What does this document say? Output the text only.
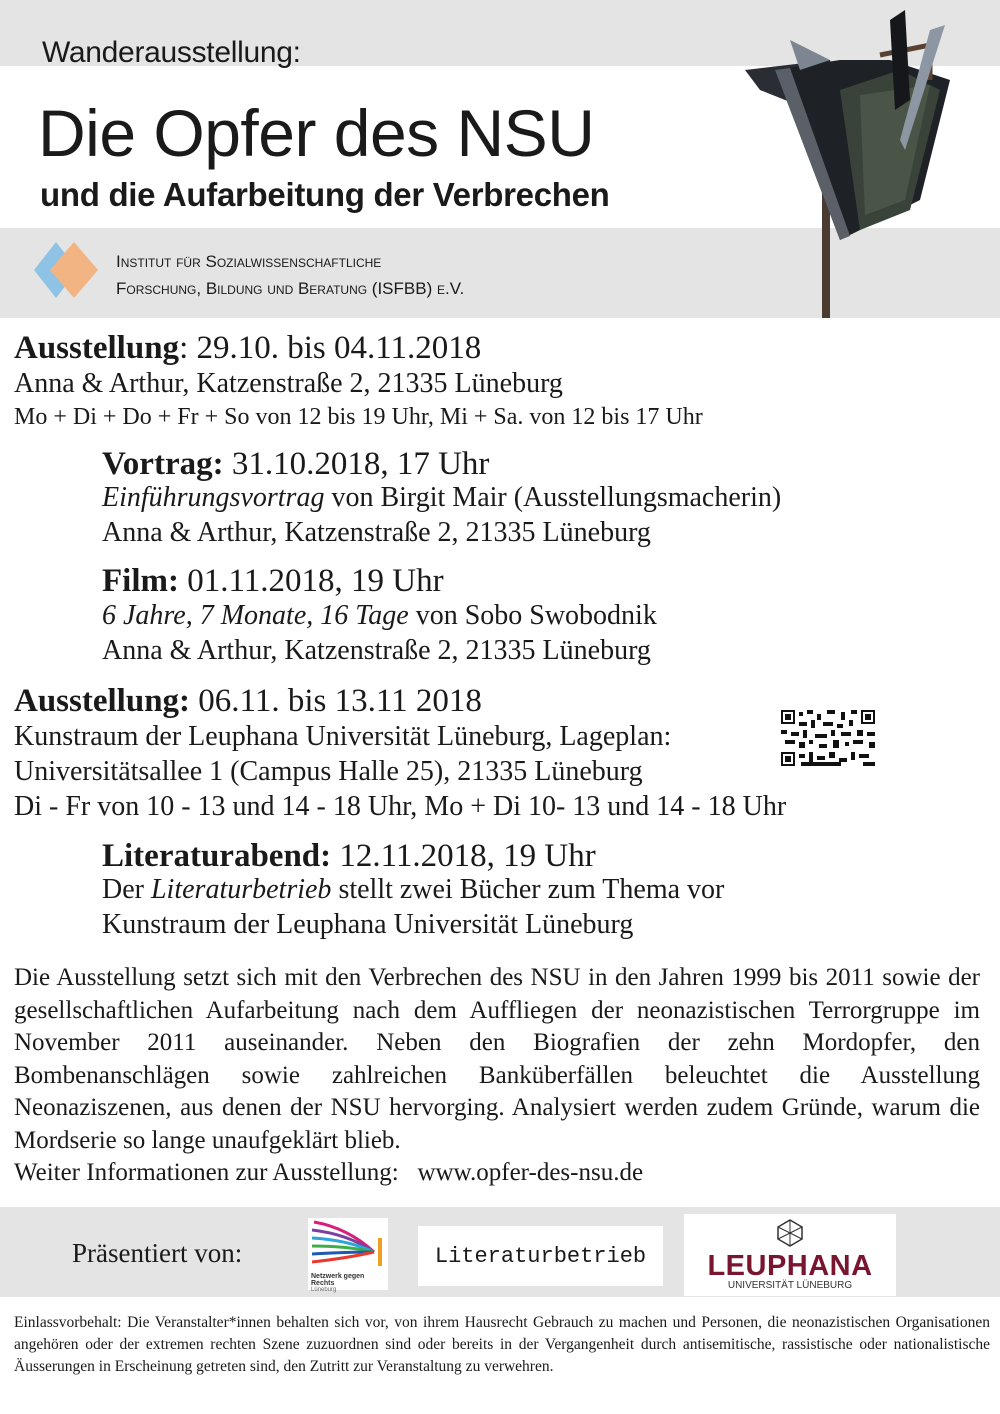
Wanderausstellung:
Die Opfer des NSU
und die Aufarbeitung der Verbrechen
Institut für Sozialwissenschaftliche
Forschung, Bildung und Beratung (ISFBB) e.V.
Ausstellung: 29.10. bis 04.11.2018
Anna & Arthur, Katzenstraße 2, 21335 Lüneburg
Mo + Di + Do + Fr + So von 12 bis 19 Uhr, Mi + Sa. von 12 bis 17 Uhr
Vortrag: 31.10.2018, 17 Uhr
Einführungsvortrag von Birgit Mair (Ausstellungsmacherin)
Anna & Arthur, Katzenstraße 2, 21335 Lüneburg
Film: 01.11.2018, 19 Uhr
6 Jahre, 7 Monate, 16 Tage von Sobo Swobodnik
Anna & Arthur, Katzenstraße 2, 21335 Lüneburg
Ausstellung: 06.11. bis 13.11 2018
Kunstraum der Leuphana Universität Lüneburg, Lageplan:
Universitätsallee 1 (Campus Halle 25), 21335 Lüneburg
Di - Fr von 10 - 13 und 14 - 18 Uhr, Mo + Di 10- 13 und 14 - 18 Uhr
Literaturabend: 12.11.2018, 19 Uhr
Der Literaturbetrieb stellt zwei Bücher zum Thema vor
Kunstraum der Leuphana Universität Lüneburg
Die Ausstellung setzt sich mit den Verbrechen des NSU in den Jahren 1999 bis 2011 sowie der gesellschaftlichen Aufarbeitung nach dem Auffliegen der neonazistischen Terrorgruppe im November 2011 auseinander. Neben den Biografien der zehn Mordopfer, den Bombenanschlägen sowie zahlreichen Banküberfällen beleuchtet die Ausstellung Neonaziszenen, aus denen der NSU hervorging. Analysiert werden zudem Gründe, warum die Mordserie so lange unaufgeklärt blieb.
Weiter Informationen zur Ausstellung: www.opfer-des-nsu.de
Präsentiert von:
Netzwerk gegen Rechts
Lüneburg
Literaturbetrieb	LEUPHANA
UNIVERSITÄT LÜNEBURG
Einlassvorbehalt: Die Veranstalter*innen behalten sich vor, von ihrem Hausrecht Gebrauch zu machen und Personen, die neonazistischen Organisationen angehören oder der extremen rechten Szene zuzuordnen sind oder bereits in der Vergangenheit durch antisemitische, rassistische oder nationalistische Äusserungen in Erscheinung getreten sind, den Zutritt zur Veranstaltung zu verwehren.
